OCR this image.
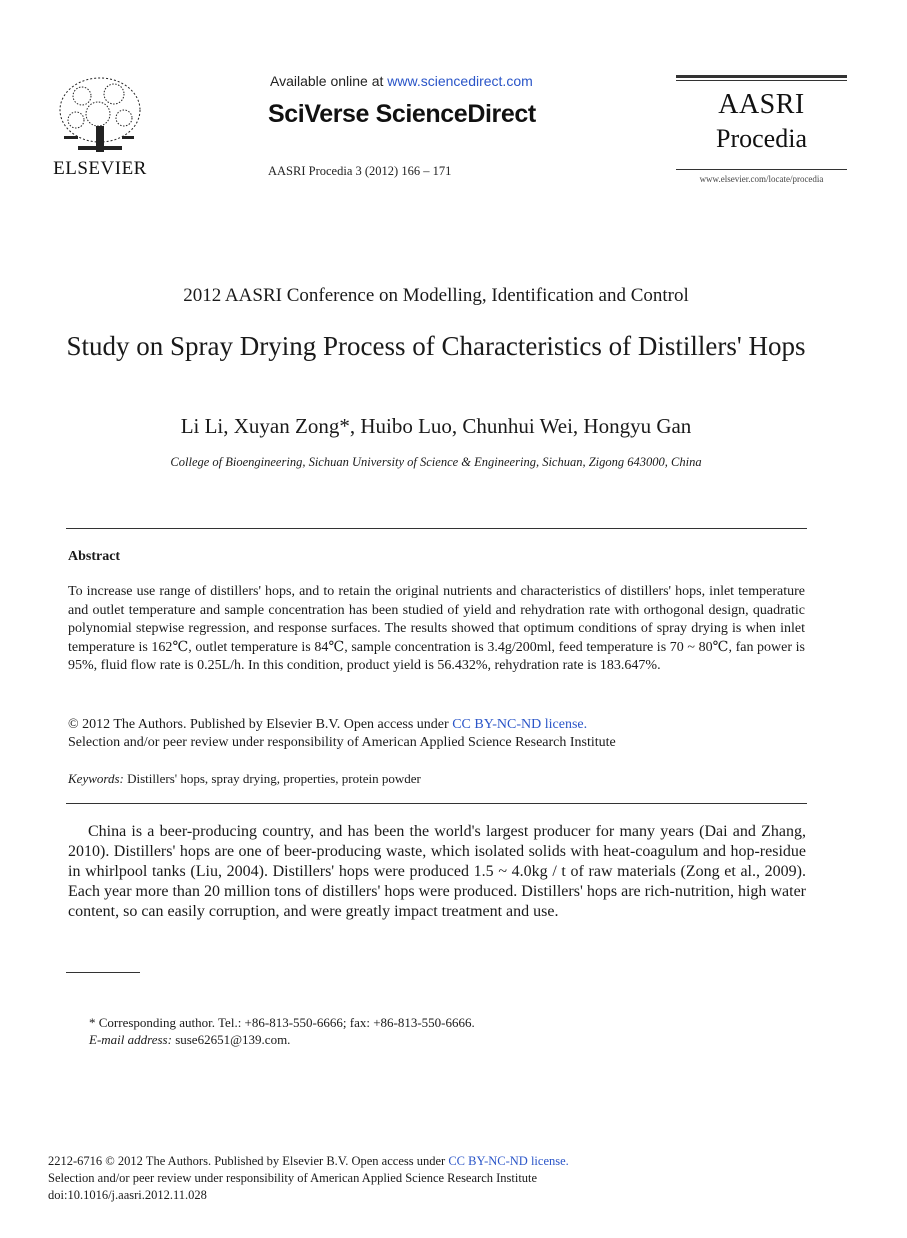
ELSEVIER
Available online at www.sciencedirect.com
SciVerse ScienceDirect
AASRI Procedia 3 (2012) 166 – 171
AASRI
Procedia
www.elsevier.com/locate/procedia
2012 AASRI Conference on Modelling, Identification and Control
Study on Spray Drying Process of Characteristics of Distillers' Hops
Li Li, Xuyan Zong*, Huibo Luo, Chunhui Wei, Hongyu Gan
College of Bioengineering, Sichuan University of Science & Engineering, Sichuan, Zigong 643000, China
Abstract
To increase use range of distillers' hops, and to retain the original nutrients and characteristics of distillers' hops, inlet temperature and outlet temperature and sample concentration has been studied of yield and rehydration rate with orthogonal design, quadratic polynomial stepwise regression, and response surfaces. The results showed that optimum conditions of spray drying is when inlet temperature is 162℃, outlet temperature is 84℃, sample concentration is 3.4g/200ml, feed temperature is 70 ~ 80℃, fan power is 95%, fluid flow rate is 0.25L/h. In this condition, product yield is 56.432%, rehydration rate is 183.647%.
© 2012 The Authors. Published by Elsevier B.V. Open access under CC BY-NC-ND license.
Selection and/or peer review under responsibility of American Applied Science Research Institute
Keywords: Distillers' hops, spray drying, properties, protein powder
China is a beer-producing country, and has been the world's largest producer for many years (Dai and Zhang, 2010). Distillers' hops are one of beer-producing waste, which isolated solids with heat-coagulum and hop-residue in whirlpool tanks (Liu, 2004). Distillers' hops were produced 1.5 ~ 4.0kg / t of raw materials (Zong et al., 2009). Each year more than 20 million tons of distillers' hops were produced. Distillers' hops are rich-nutrition, high water content, so can easily corruption, and were greatly impact treatment and use.
* Corresponding author. Tel.: +86-813-550-6666; fax: +86-813-550-6666.
E-mail address: suse62651@139.com.
2212-6716 © 2012 The Authors. Published by Elsevier B.V. Open access under CC BY-NC-ND license.
Selection and/or peer review under responsibility of American Applied Science Research Institute
doi:10.1016/j.aasri.2012.11.028
